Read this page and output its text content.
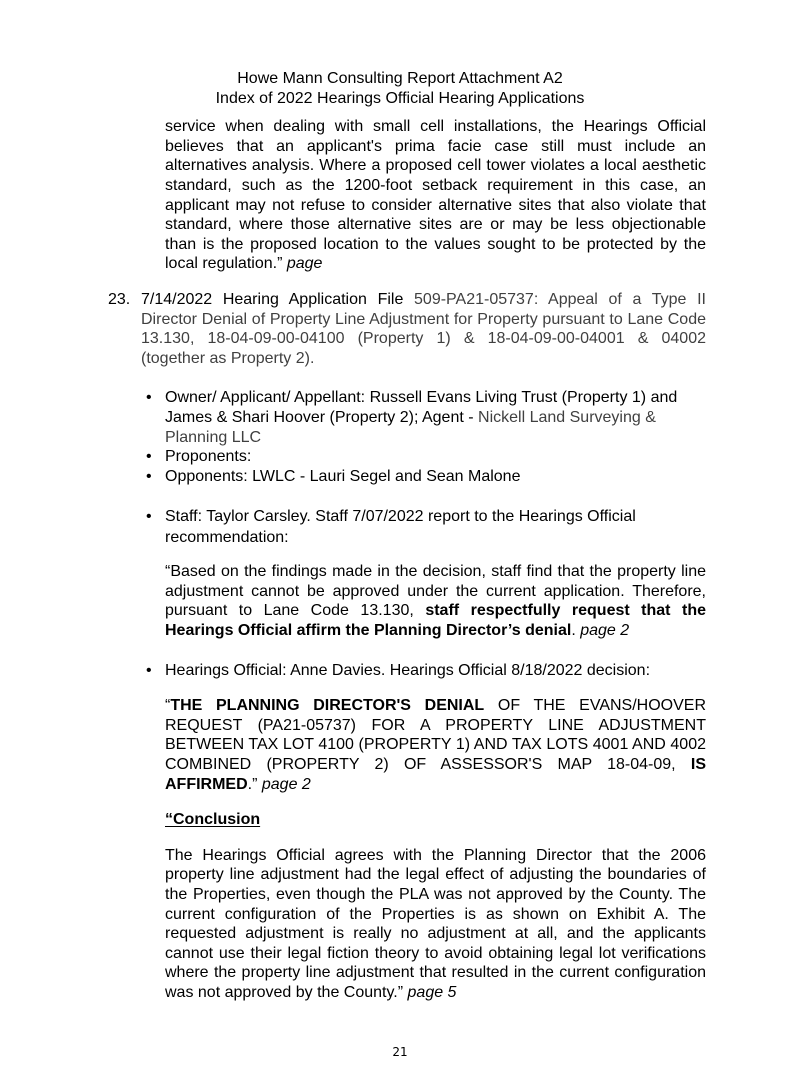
Howe Mann Consulting Report Attachment A2
Index of 2022 Hearings Official Hearing Applications
service when dealing with small cell installations, the Hearings Official believes that an applicant's prima facie case still must include an alternatives analysis. Where a proposed cell tower violates a local aesthetic standard, such as the 1200-foot setback requirement in this case, an applicant may not refuse to consider alternative sites that also violate that standard, where those alternative sites are or may be less objectionable than is the proposed location to the values sought to be protected by the local regulation.” page
23. 7/14/2022 Hearing Application File 509-PA21-05737: Appeal of a Type II Director Denial of Property Line Adjustment for Property pursuant to Lane Code 13.130, 18-04-09-00-04100 (Property 1) & 18-04-09-00-04001 & 04002 (together as Property 2).
• Owner/ Applicant/ Appellant: Russell Evans Living Trust (Property 1) and James & Shari Hoover (Property 2); Agent - Nickell Land Surveying & Planning LLC
• Proponents:
• Opponents: LWLC - Lauri Segel and Sean Malone
• Staff: Taylor Carsley. Staff 7/07/2022 report to the Hearings Official recommendation:
“Based on the findings made in the decision, staff find that the property line adjustment cannot be approved under the current application. Therefore, pursuant to Lane Code 13.130, staff respectfully request that the Hearings Official affirm the Planning Director’s denial. page 2
• Hearings Official: Anne Davies. Hearings Official 8/18/2022 decision:
“THE PLANNING DIRECTOR'S DENIAL OF THE EVANS/HOOVER REQUEST (PA21-05737) FOR A PROPERTY LINE ADJUSTMENT BETWEEN TAX LOT 4100 (PROPERTY 1) AND TAX LOTS 4001 AND 4002 COMBINED (PROPERTY 2) OF ASSESSOR'S MAP 18-04-09, IS AFFIRMED.” page 2
“Conclusion
The Hearings Official agrees with the Planning Director that the 2006 property line adjustment had the legal effect of adjusting the boundaries of the Properties, even though the PLA was not approved by the County. The current configuration of the Properties is as shown on Exhibit A. The requested adjustment is really no adjustment at all, and the applicants cannot use their legal fiction theory to avoid obtaining legal lot verifications where the property line adjustment that resulted in the current configuration was not approved by the County.” page 5
21
